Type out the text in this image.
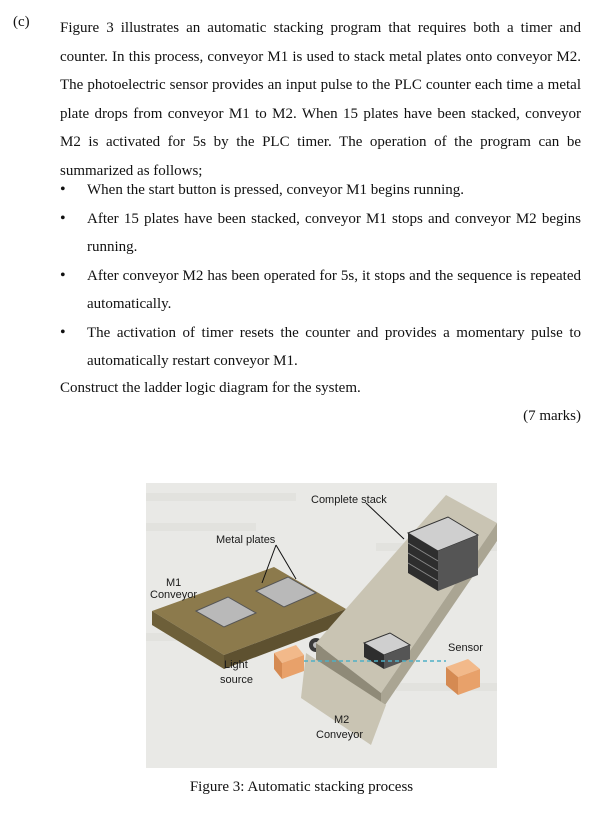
(c) Figure 3 illustrates an automatic stacking program that requires both a timer and counter. In this process, conveyor M1 is used to stack metal plates onto conveyor M2. The photoelectric sensor provides an input pulse to the PLC counter each time a metal plate drops from conveyor M1 to M2. When 15 plates have been stacked, conveyor M2 is activated for 5s by the PLC timer. The operation of the program can be summarized as follows;

• When the start button is pressed, conveyor M1 begins running.
• After 15 plates have been stacked, conveyor M1 stops and conveyor M2 begins running.
• After conveyor M2 has been operated for 5s, it stops and the sequence is repeated automatically.
• The activation of timer resets the counter and provides a momentary pulse to automatically restart conveyor M1.
Construct the ladder logic diagram for the system.
(7 marks)
Complete stack
Metal plates
M1
Conveyor
Sensor
Light
source
M2
Conveyor
Figure 3: Automatic stacking process
